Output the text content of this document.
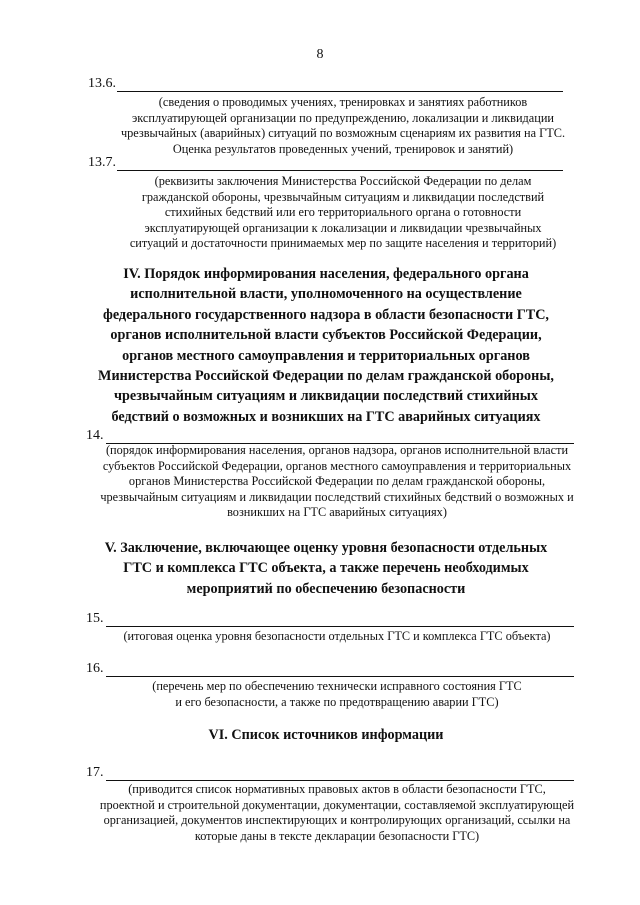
8
13.6.
(сведения о проводимых учениях, тренировках и занятиях работников
эксплуатирующей организации по предупреждению, локализации и ликвидации
чрезвычайных (аварийных) ситуаций по возможным сценариям их развития на ГТС.
Оценка результатов проведенных учений, тренировок и занятий)
13.7.
(реквизиты заключения Министерства Российской Федерации по делам
гражданской обороны, чрезвычайным ситуациям и ликвидации последствий
стихийных бедствий или его территориального органа о готовности
эксплуатирующей организации к локализации и ликвидации чрезвычайных
ситуаций и достаточности принимаемых мер по защите населения и территорий)
IV. Порядок информирования населения, федерального органа
исполнительной власти, уполномоченного на осуществление
федерального государственного надзора в области безопасности ГТС,
органов исполнительной власти субъектов Российской Федерации,
органов местного самоуправления и территориальных органов
Министерства Российской Федерации по делам гражданской обороны,
чрезвычайным ситуациям и ликвидации последствий стихийных
бедствий о возможных и возникших на ГТС аварийных ситуациях
14.
(порядок информирования населения, органов надзора, органов исполнительной власти
субъектов Российской Федерации, органов местного самоуправления и территориальных
органов Министерства Российской Федерации по делам гражданской обороны,
чрезвычайным ситуациям и ликвидации последствий стихийных бедствий о возможных и
возникших на ГТС аварийных ситуациях)
V. Заключение, включающее оценку уровня безопасности отдельных
ГТС и комплекса ГТС объекта, а также перечень необходимых
мероприятий по обеспечению безопасности
15.
(итоговая оценка уровня безопасности отдельных ГТС и комплекса ГТС объекта)
16.
(перечень мер по обеспечению технически исправного состояния ГТС
и его безопасности, а также по предотвращению аварии ГТС)
VI. Список источников информации
17.
(приводится список нормативных правовых актов в области безопасности ГТС,
проектной и строительной документации, документации, составляемой эксплуатирующей
организацией, документов инспектирующих и контролирующих организаций, ссылки на
которые даны в тексте декларации безопасности ГТС)
